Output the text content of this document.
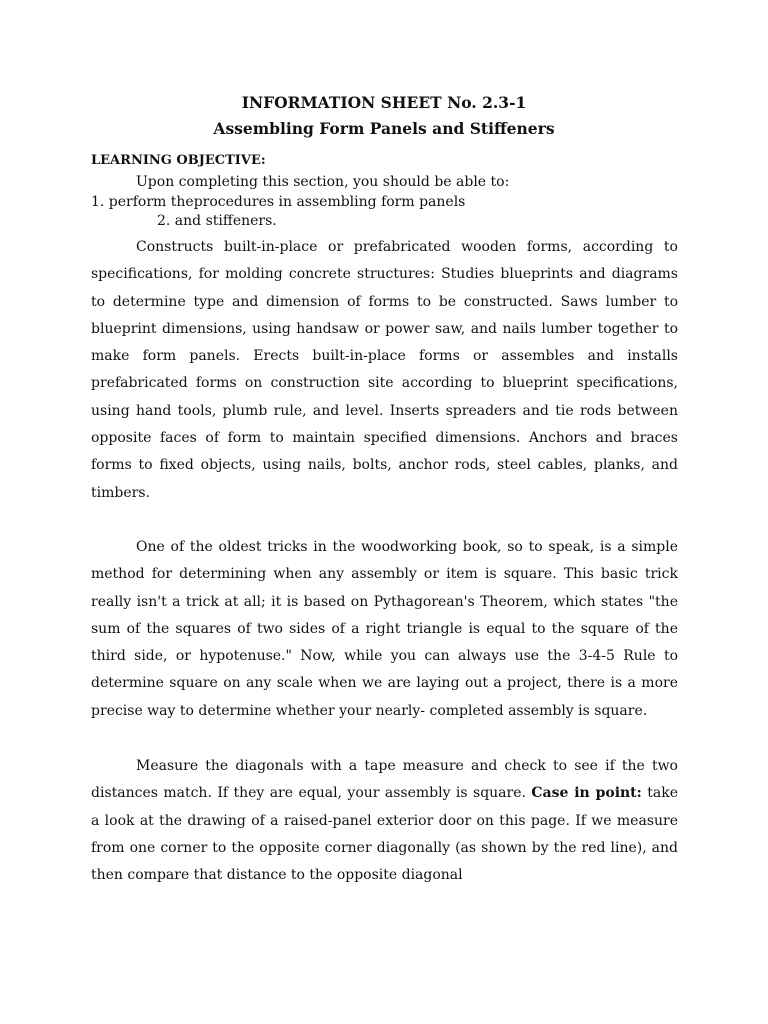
INFORMATION SHEET No. 2.3-1
Assembling Form Panels and Stiffeners
LEARNING OBJECTIVE:
Upon completing this section, you should be able to:
1. perform theprocedures in assembling form panels
2. and stiffeners.

Constructs built-in-place or prefabricated wooden forms, according to specifications, for molding concrete structures: Studies blueprints and diagrams to determine type and dimension of forms to be constructed. Saws lumber to blueprint dimensions, using handsaw or power saw, and nails lumber together to make form panels. Erects built-in-place forms or assembles and installs prefabricated forms on construction site according to blueprint specifications, using hand tools, plumb rule, and level. Inserts spreaders and tie rods between opposite faces of form to maintain specified dimensions. Anchors and braces forms to fixed objects, using nails, bolts, anchor rods, steel cables, planks, and timbers.

One of the oldest tricks in the woodworking book, so to speak, is a simple method for determining when any assembly or item is square. This basic trick really isn't a trick at all; it is based on Pythagorean's Theorem, which states "the sum of the squares of two sides of a right triangle is equal to the square of the third side, or hypotenuse." Now, while you can always use the 3-4-5 Rule to determine square on any scale when we are laying out a project, there is a more precise way to determine whether your nearly- completed assembly is square.

Measure the diagonals with a tape measure and check to see if the two distances match. If they are equal, your assembly is square. Case in point: take a look at the drawing of a raised-panel exterior door on this page. If we measure from one corner to the opposite corner diagonally (as shown by the red line), and then compare that distance to the opposite diagonal
